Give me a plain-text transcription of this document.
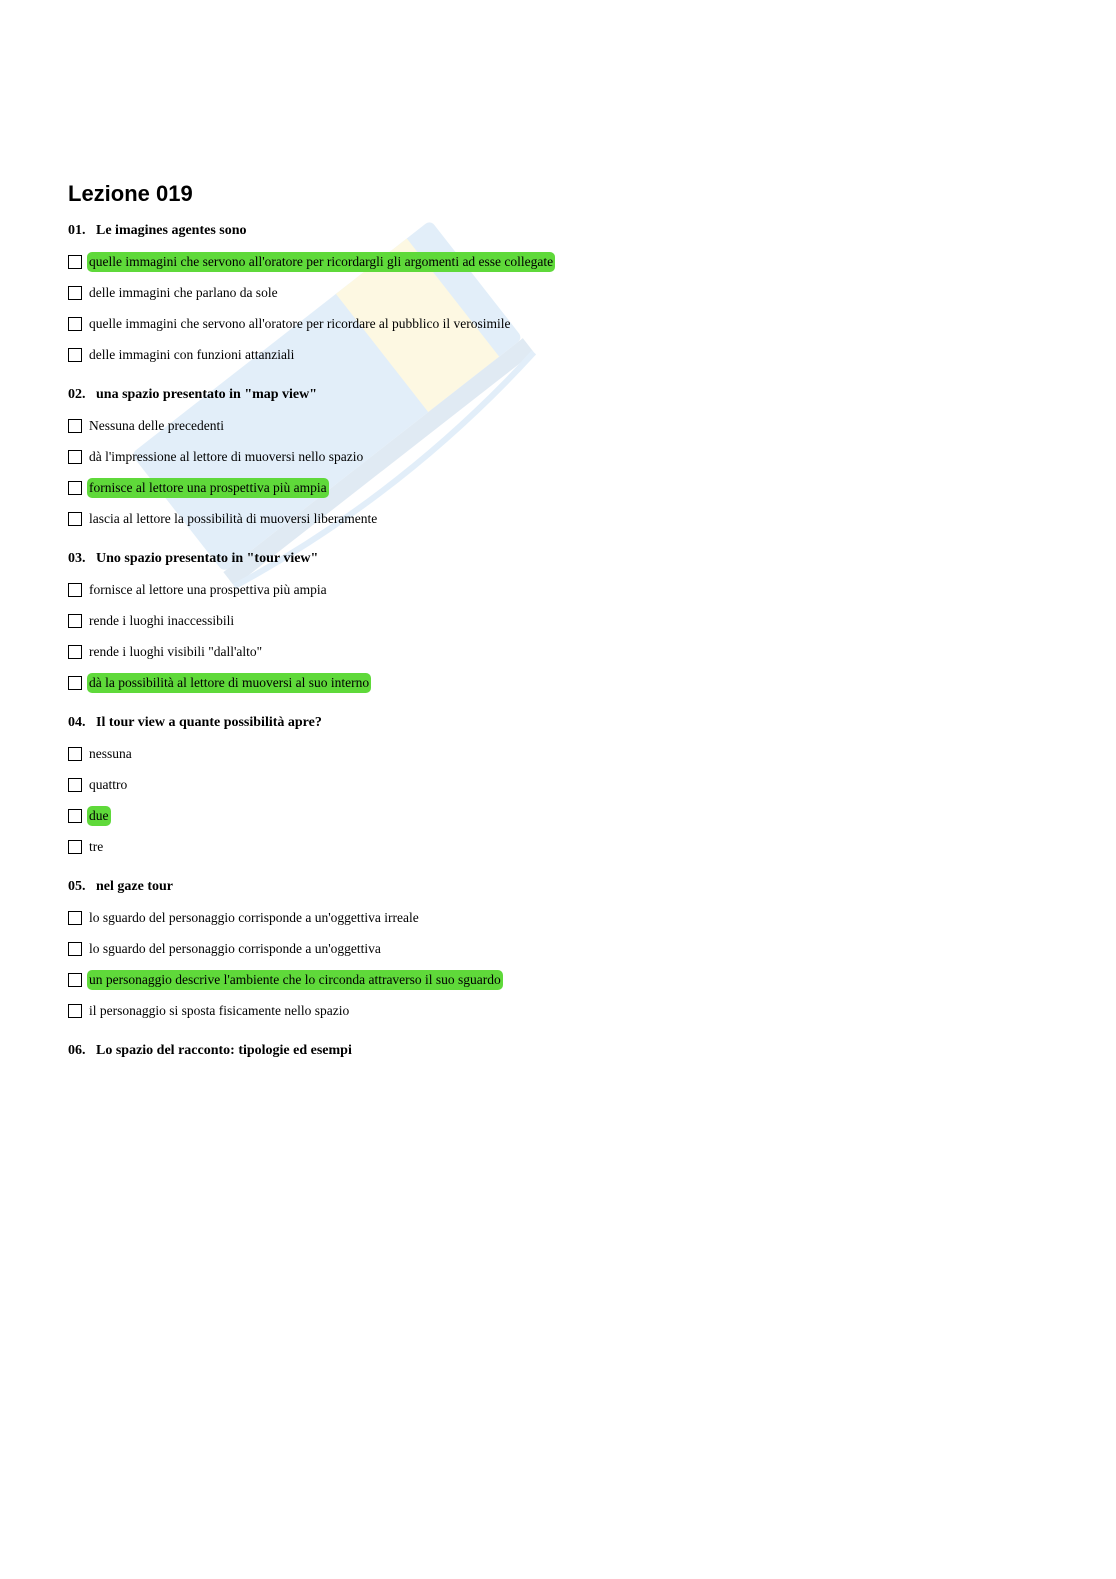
Lezione 019
01. Le imagines agentes sono
quelle immagini che servono all'oratore per ricordargli gli argomenti ad esse collegate
delle immagini che parlano da sole
quelle immagini che servono all'oratore per ricordare al pubblico il verosimile
delle immagini con funzioni attanziali
02. una spazio presentato in "map view"
Nessuna delle precedenti
dà l'impressione al lettore di muoversi nello spazio
fornisce al lettore una prospettiva più ampia
lascia al lettore la possibilità di muoversi liberamente
03. Uno spazio presentato in "tour view"
fornisce al lettore una prospettiva più ampia
rende i luoghi inaccessibili
rende i luoghi visibili "dall'alto"
dà la possibilità al lettore di muoversi al suo interno
04. Il tour view a quante possibilità apre?
nessuna
quattro
due
tre
05. nel gaze tour
lo sguardo del personaggio corrisponde a un'oggettiva irreale
lo sguardo del personaggio corrisponde a un'oggettiva
un personaggio descrive l'ambiente che lo circonda attraverso il suo sguardo
il personaggio si sposta fisicamente nello spazio
06. Lo spazio del racconto: tipologie ed esempi
